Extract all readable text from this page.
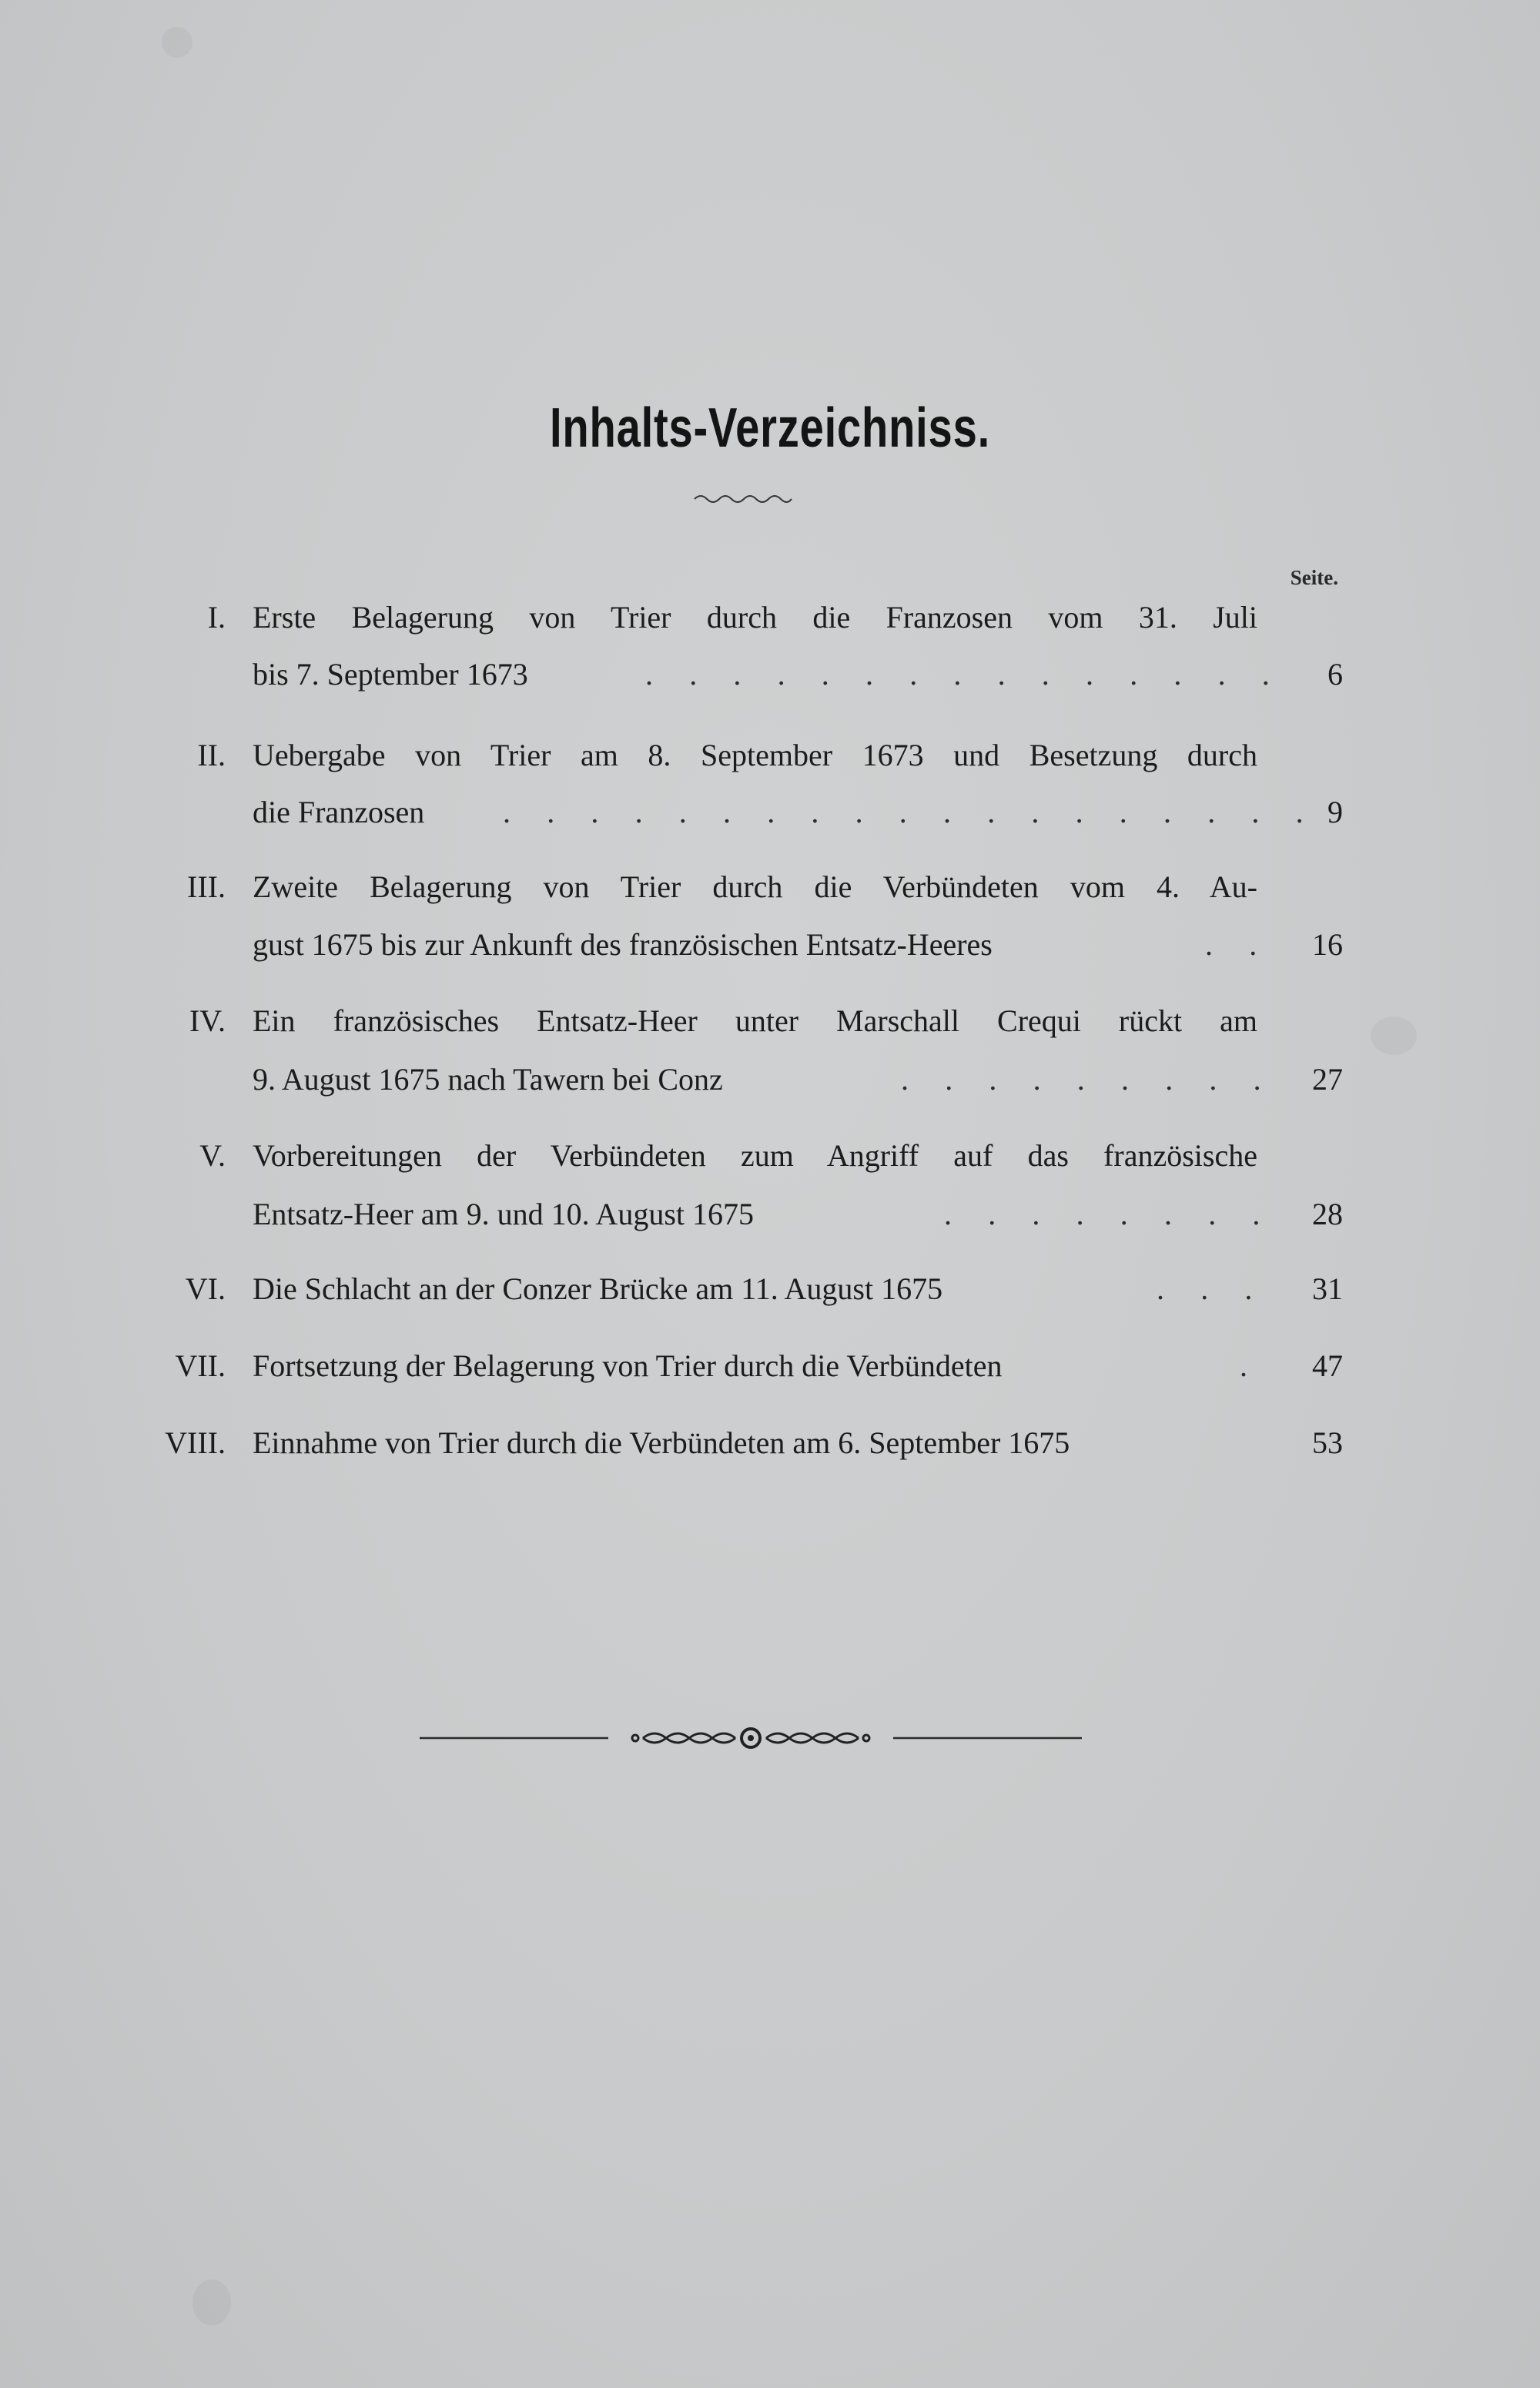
Inhalts-Verzeichniss.
Seite.
I. Erste Belagerung von Trier durch die Franzosen vom 31. Juli
bis 7. September 1673	. . . . . . . . . . . . . . .	6
II. Uebergabe von Trier am 8. September 1673 und Besetzung durch
die Franzosen	. . . . . . . . . . . . . . . . . . . 9
III. Zweite Belagerung von Trier durch die Verbündeten vom 4. Au-
gust 1675 bis zur Ankunft des französischen Entsatz-Heeres	. .	16
IV. Ein französisches Entsatz-Heer unter Marschall Crequi rückt am
9. August 1675 nach Tawern bei Conz	. . . . . . . . .	27
V. Vorbereitungen der Verbündeten zum Angriff auf das französische
Entsatz-Heer am 9. und 10. August 1675	. . . . . . . .	28
VI. Die Schlacht an der Conzer Brücke am 11. August 1675	. . .	31
VII. Fortsetzung der Belagerung von Trier durch die Verbündeten	.	47
VIII. Einnahme von Trier durch die Verbündeten am 6. September 1675	53
